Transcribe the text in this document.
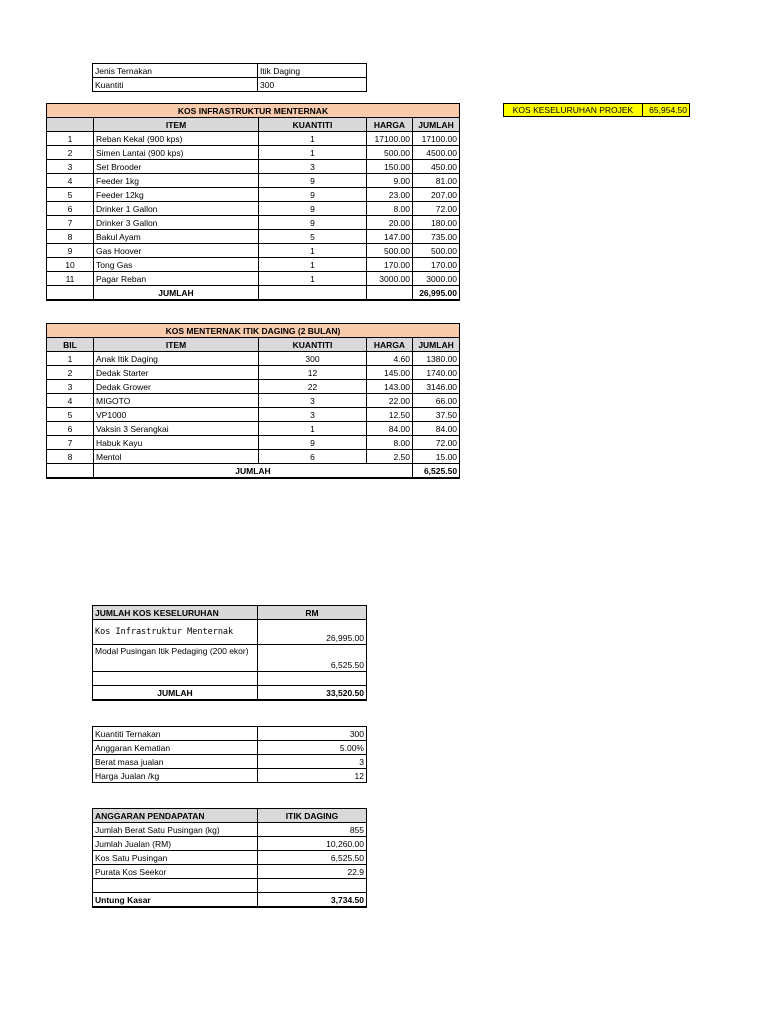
Jenis Ternakan	Itik Daging
Kuantiti	300
KOS KESELURUHAN PROJEK	65,954.50
KOS INFRASTRUKTUR MENTERNAK				
	ITEM	KUANTITI	HARGA	JUMLAH
1	Reban Kekal (900 kps)	1	17100.00	17100.00
2	Simen Lantai (900 kps)	1	500.00	4500.00
3	Set Brooder	3	150.00	450.00
4	Feeder 1kg	9	9.00	81.00
5	Feeder 12kg	9	23.00	207.00
6	Drinker 1 Gallon	9	8.00	72.00
7	Drinker 3 Gallon	9	20.00	180.00
8	Bakul Ayam	5	147.00	735.00
9	Gas Hoover	1	500.00	500.00
10	Tong Gas	1	170.00	170.00
11	Pagar Reban	1	3000.00	3000.00
	JUMLAH			26,995.00
KOS MENTERNAK ITIK DAGING (2 BULAN)				
BIL	ITEM	KUANTITI	HARGA	JUMLAH
1	Anak Itik Daging	300	4.60	1380.00
2	Dedak Starter	12	145.00	1740.00
3	Dedak Grower	22	143.00	3146.00
4	MIGOTO	3	22.00	66.00
5	VP1000	3	12.50	37.50
6	Vaksin 3 Serangkai	1	84.00	84.00
7	Habuk Kayu	9	8.00	72.00
8	Mentol	6	2.50	15.00
	JUMLAH			6,525.50
JUMLAH KOS KESELURUHAN	RM
Kos Infrastruktur Menternak	26,995.00
Modal Pusingan Itik Pedaging (200 ekor)	6,525.50

JUMLAH	33,520.50
Kuantiti Ternakan	300
Anggaran Kematian	5.00%
Berat masa jualan	3
Harga Jualan /kg	12
ANGGARAN PENDAPATAN	ITIK DAGING
Jumlah Berat Satu Pusingan (kg)	855
Jumlah Jualan (RM)	10,260.00
Kos Satu Pusingan	6,525.50
Purata Kos Seekor	22.9

Untung Kasar	3,734.50
